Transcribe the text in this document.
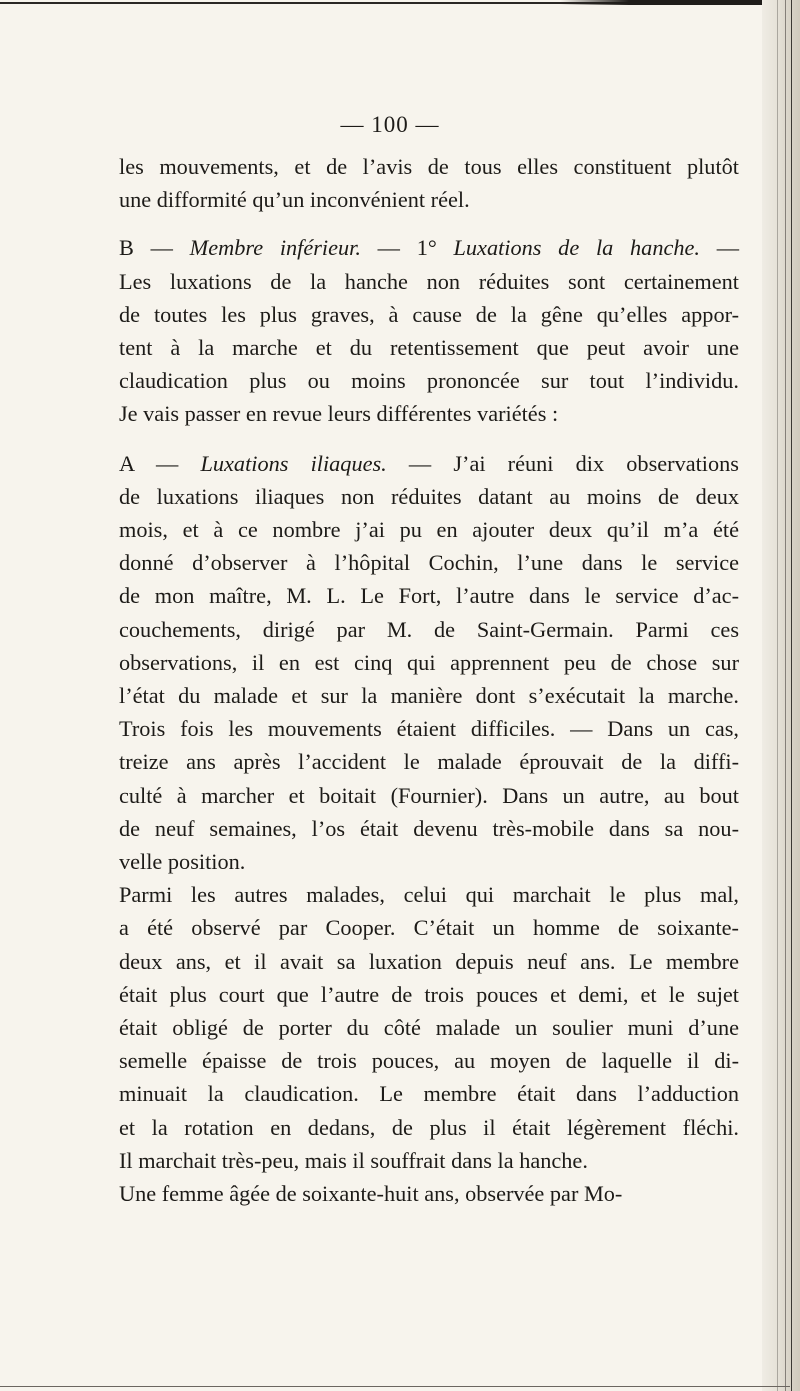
— 100 —

les mouvements, et de l’avis de tous elles constituent plutôt

une difformité qu’un inconvénient réel.

B — Membre inférieur. — 1° Luxations de la hanche. —

Les luxations de la hanche non réduites sont certainement

de toutes les plus graves, à cause de la gêne qu’elles appor-

tent à la marche et du retentissement que peut avoir une

claudication plus ou moins prononcée sur tout l’individu.

Je vais passer en revue leurs différentes variétés :

A — Luxations iliaques. — J’ai réuni dix observations

de luxations iliaques non réduites datant au moins de deux

mois, et à ce nombre j’ai pu en ajouter deux qu’il m’a été

donné d’observer à l’hôpital Cochin, l’une dans le service

de mon maître, M. L. Le Fort, l’autre dans le service d’ac-

couchements, dirigé par M. de Saint-Germain. Parmi ces

observations, il en est cinq qui apprennent peu de chose sur

l’état du malade et sur la manière dont s’exécutait la marche.

Trois fois les mouvements étaient difficiles. — Dans un cas,

treize ans après l’accident le malade éprouvait de la diffi-

culté à marcher et boitait (Fournier). Dans un autre, au bout

de neuf semaines, l’os était devenu très-mobile dans sa nou-

velle position.

Parmi les autres malades, celui qui marchait le plus mal,

a été observé par Cooper. C’était un homme de soixante-

deux ans, et il avait sa luxation depuis neuf ans. Le membre

était plus court que l’autre de trois pouces et demi, et le sujet

était obligé de porter du côté malade un soulier muni d’une

semelle épaisse de trois pouces, au moyen de laquelle il di-

minuait la claudication. Le membre était dans l’adduction

et la rotation en dedans, de plus il était légèrement fléchi.

Il marchait très-peu, mais il souffrait dans la hanche.

Une femme âgée de soixante-huit ans, observée par Mo-
